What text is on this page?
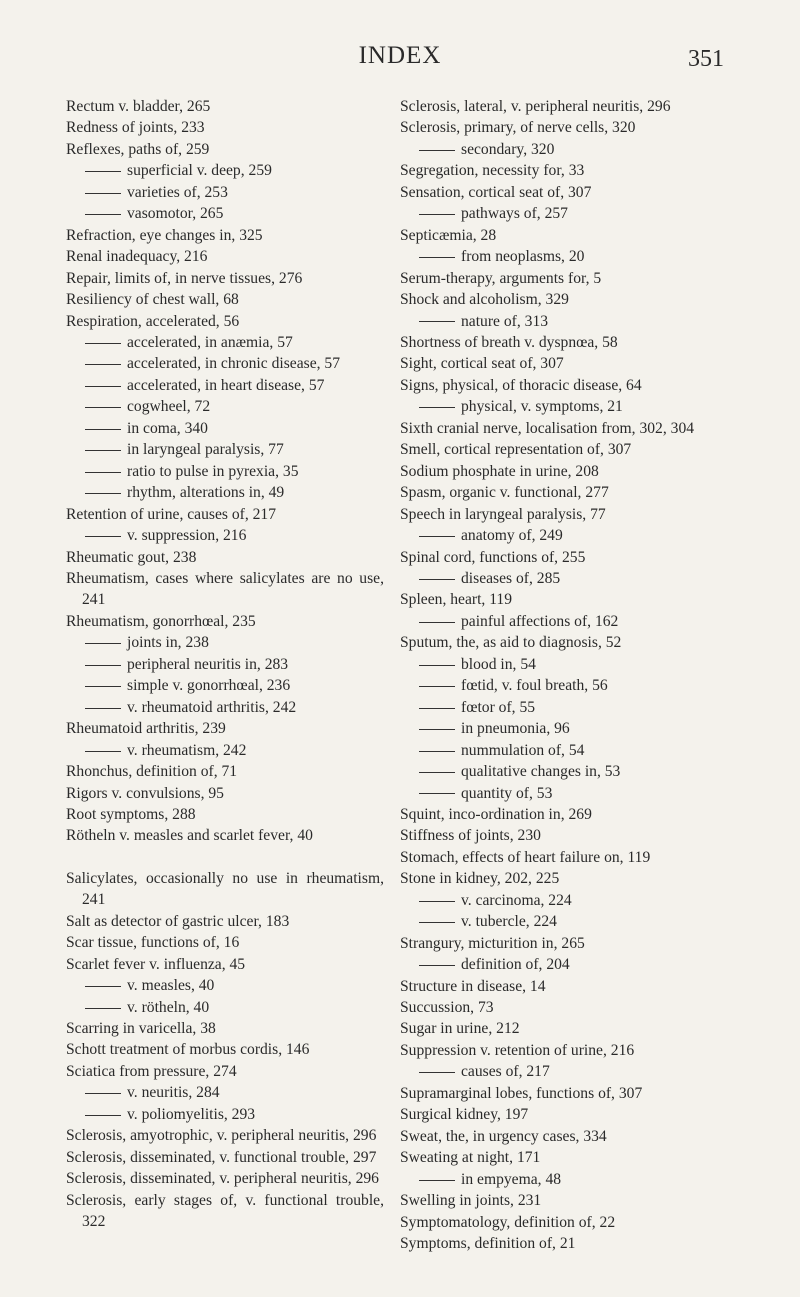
INDEX	351
Rectum v. bladder, 265
Redness of joints, 233
Reflexes, paths of, 259
superficial v. deep, 259
varieties of, 253
vasomotor, 265
Refraction, eye changes in, 325
Renal inadequacy, 216
Repair, limits of, in nerve tissues, 276
Resiliency of chest wall, 68
Respiration, accelerated, 56
accelerated, in anæmia, 57
accelerated, in chronic disease, 57
accelerated, in heart disease, 57
cogwheel, 72
in coma, 340
in laryngeal paralysis, 77
ratio to pulse in pyrexia, 35
rhythm, alterations in, 49
Retention of urine, causes of, 217
v. suppression, 216
Rheumatic gout, 238
Rheumatism, cases where salicylates are no use, 241
Rheumatism, gonorrhœal, 235
joints in, 238
peripheral neuritis in, 283
simple v. gonorrhœal, 236
v. rheumatoid arthritis, 242
Rheumatoid arthritis, 239
v. rheumatism, 242
Rhonchus, definition of, 71
Rigors v. convulsions, 95
Root symptoms, 288
Rötheln v. measles and scarlet fever, 40
Salicylates, occasionally no use in rheumatism, 241
Salt as detector of gastric ulcer, 183
Scar tissue, functions of, 16
Scarlet fever v. influenza, 45
v. measles, 40
v. rötheln, 40
Scarring in varicella, 38
Schott treatment of morbus cordis, 146
Sciatica from pressure, 274
v. neuritis, 284
v. poliomyelitis, 293
Sclerosis, amyotrophic, v. peripheral neuritis, 296
Sclerosis, disseminated, v. functional trouble, 297
Sclerosis, disseminated, v. peripheral neuritis, 296
Sclerosis, early stages of, v. functional trouble, 322
Sclerosis, lateral, v. peripheral neuritis, 296
Sclerosis, primary, of nerve cells, 320
secondary, 320
Segregation, necessity for, 33
Sensation, cortical seat of, 307
pathways of, 257
Septicæmia, 28
from neoplasms, 20
Serum-therapy, arguments for, 5
Shock and alcoholism, 329
nature of, 313
Shortness of breath v. dyspnœa, 58
Sight, cortical seat of, 307
Signs, physical, of thoracic disease, 64
physical, v. symptoms, 21
Sixth cranial nerve, localisation from, 302, 304
Smell, cortical representation of, 307
Sodium phosphate in urine, 208
Spasm, organic v. functional, 277
Speech in laryngeal paralysis, 77
anatomy of, 249
Spinal cord, functions of, 255
diseases of, 285
Spleen, heart, 119
painful affections of, 162
Sputum, the, as aid to diagnosis, 52
blood in, 54
fœtid, v. foul breath, 56
fœtor of, 55
in pneumonia, 96
nummulation of, 54
qualitative changes in, 53
quantity of, 53
Squint, inco-ordination in, 269
Stiffness of joints, 230
Stomach, effects of heart failure on, 119
Stone in kidney, 202, 225
v. carcinoma, 224
v. tubercle, 224
Strangury, micturition in, 265
definition of, 204
Structure in disease, 14
Succussion, 73
Sugar in urine, 212
Suppression v. retention of urine, 216
causes of, 217
Supramarginal lobes, functions of, 307
Surgical kidney, 197
Sweat, the, in urgency cases, 334
Sweating at night, 171
in empyema, 48
Swelling in joints, 231
Symptomatology, definition of, 22
Symptoms, definition of, 21
